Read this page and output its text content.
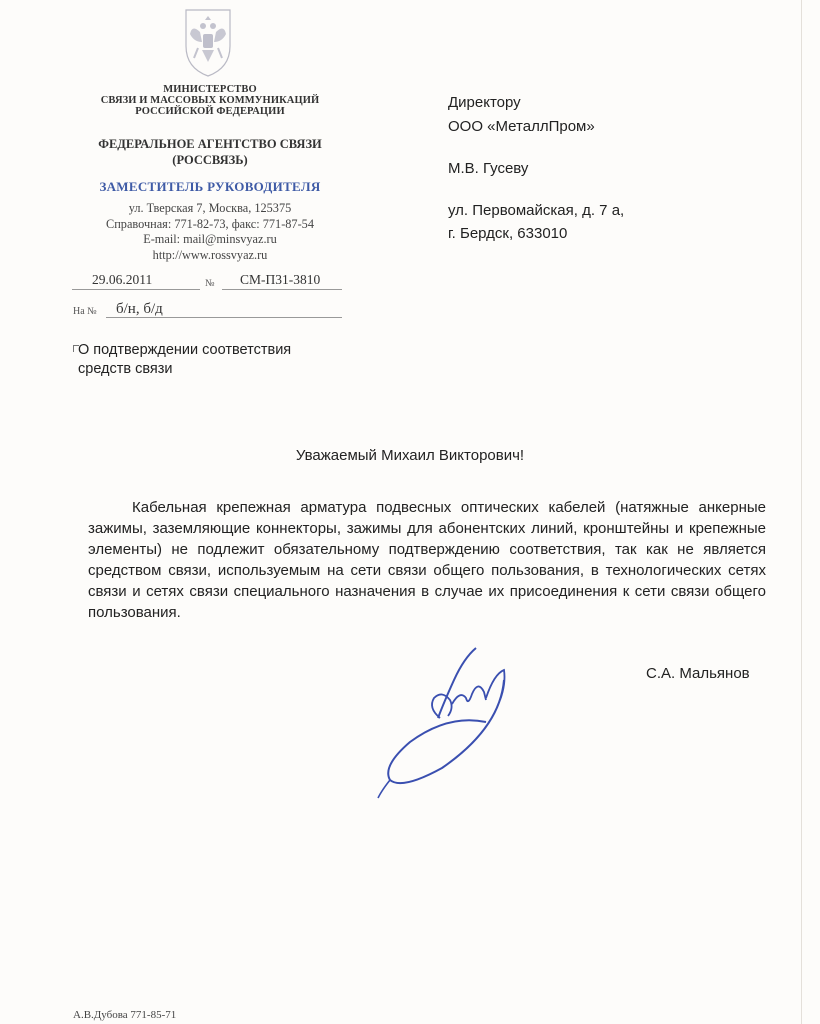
МИНИСТЕРСТВО
СВЯЗИ И МАССОВЫХ КОММУНИКАЦИЙ
РОССИЙСКОЙ ФЕДЕРАЦИИ
ФЕДЕРАЛЬНОЕ АГЕНТСТВО СВЯЗИ
(РОССВЯЗЬ)
ЗАМЕСТИТЕЛЬ РУКОВОДИТЕЛЯ
ул. Тверская 7, Москва, 125375
Справочная: 771-82-73, факс: 771-87-54
E-mail: mail@minsvyaz.ru
http://www.rossvyaz.ru
29.06.2011	№ СМ-П31-3810
На № б/н, б/д
О подтверждении соответствия
средств связи
Директору
ООО «МеталлПром»
М.В. Гусеву
ул. Первомайская, д. 7 а,
г. Бердск, 633010
Уважаемый Михаил Викторович!
Кабельная крепежная арматура подвесных оптических кабелей (натяжные анкерные зажимы, заземляющие коннекторы, зажимы для абонентских линий, кронштейны и крепежные элементы) не подлежит обязательному подтверждению соответствия, так как не является средством связи, используемым на сети связи общего пользования, в технологических сетях связи и сетях связи специального назначения в случае их присоединения к сети связи общего пользования.
С.А. Мальянов
А.В.Дубова 771-85-71
